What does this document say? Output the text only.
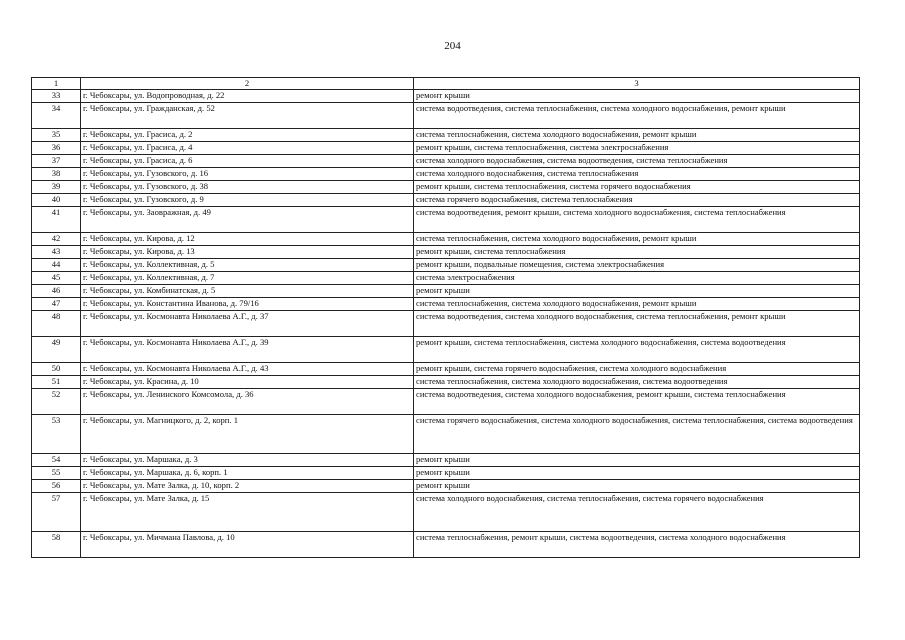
204
1	2	3
33	г. Чебоксары, ул. Водопроводная, д. 22	ремонт крыши
34	г. Чебоксары, ул. Гражданская, д. 52	система водоотведения, система теплоснабжения, система холодного водоснабжения, ремонт крыши
35	г. Чебоксары, ул. Грасиса, д. 2	система теплоснабжения, система холодного водоснабжения, ремонт крыши
36	г. Чебоксары, ул. Грасиса, д. 4	ремонт крыши, система теплоснабжения, система электроснабжения
37	г. Чебоксары, ул. Грасиса, д. 6	система холодного водоснабжения, система водоотведения, система теплоснабжения
38	г. Чебоксары, ул. Гузовского, д. 16	система холодного водоснабжения, система теплоснабжения
39	г. Чебоксары, ул. Гузовского, д. 38	ремонт крыши, система теплоснабжения, система горячего водоснабжения
40	г. Чебоксары, ул. Гузовского, д. 9	система горячего водоснабжения, система теплоснабжения
41	г. Чебоксары, ул. Заовражная, д. 49	система водоотведения, ремонт крыши, система холодного водоснабжения, система теплоснабжения
42	г. Чебоксары, ул. Кирова, д. 12	система теплоснабжения, система холодного водоснабжения, ремонт крыши
43	г. Чебоксары, ул. Кирова, д. 13	ремонт крыши, система теплоснабжения
44	г. Чебоксары, ул. Коллективная, д. 5	ремонт крыши, подвальные помещения, система электроснабжения
45	г. Чебоксары, ул. Коллективная, д. 7	система электроснабжения
46	г. Чебоксары, ул. Комбинатская, д. 5	ремонт крыши
47	г. Чебоксары, ул. Константина Иванова, д. 79/16	система теплоснабжения, система холодного водоснабжения, ремонт крыши
48	г. Чебоксары, ул. Космонавта Николаева А.Г., д. 37	система водоотведения, система холодного водоснабжения, система теплоснабжения, ремонт крыши
49	г. Чебоксары, ул. Космонавта Николаева А.Г., д. 39	ремонт крыши, система теплоснабжения, система холодного водоснабжения, система водоотведения
50	г. Чебоксары, ул. Космонавта Николаева А.Г., д. 43	ремонт крыши, система горячего водоснабжения, система холодного водоснабжения
51	г. Чебоксары, ул. Красина, д. 10	система теплоснабжения, система холодного водоснабжения, система водоотведения
52	г. Чебоксары, ул. Ленинского Комсомола, д. 36	система водоотведения, система холодного водоснабжения, ремонт крыши, система теплоснабжения
53	г. Чебоксары, ул. Магницкого, д. 2, корп. 1	система горячего водоснабжения, система холодного водоснабжения, система теплоснабжения, система водоотведения
54	г. Чебоксары, ул. Маршака, д. 3	ремонт крыши
55	г. Чебоксары, ул. Маршака, д. 6, корп. 1	ремонт крыши
56	г. Чебоксары, ул. Мате Залка, д. 10, корп. 2	ремонт крыши
57	г. Чебоксары, ул. Мате Залка, д. 15	система холодного водоснабжения, система теплоснабжения, система горячего водоснабжения
58	г. Чебоксары, ул. Мичмана Павлова, д. 10	система теплоснабжения, ремонт крыши, система водоотведения, система холодного водоснабжения
